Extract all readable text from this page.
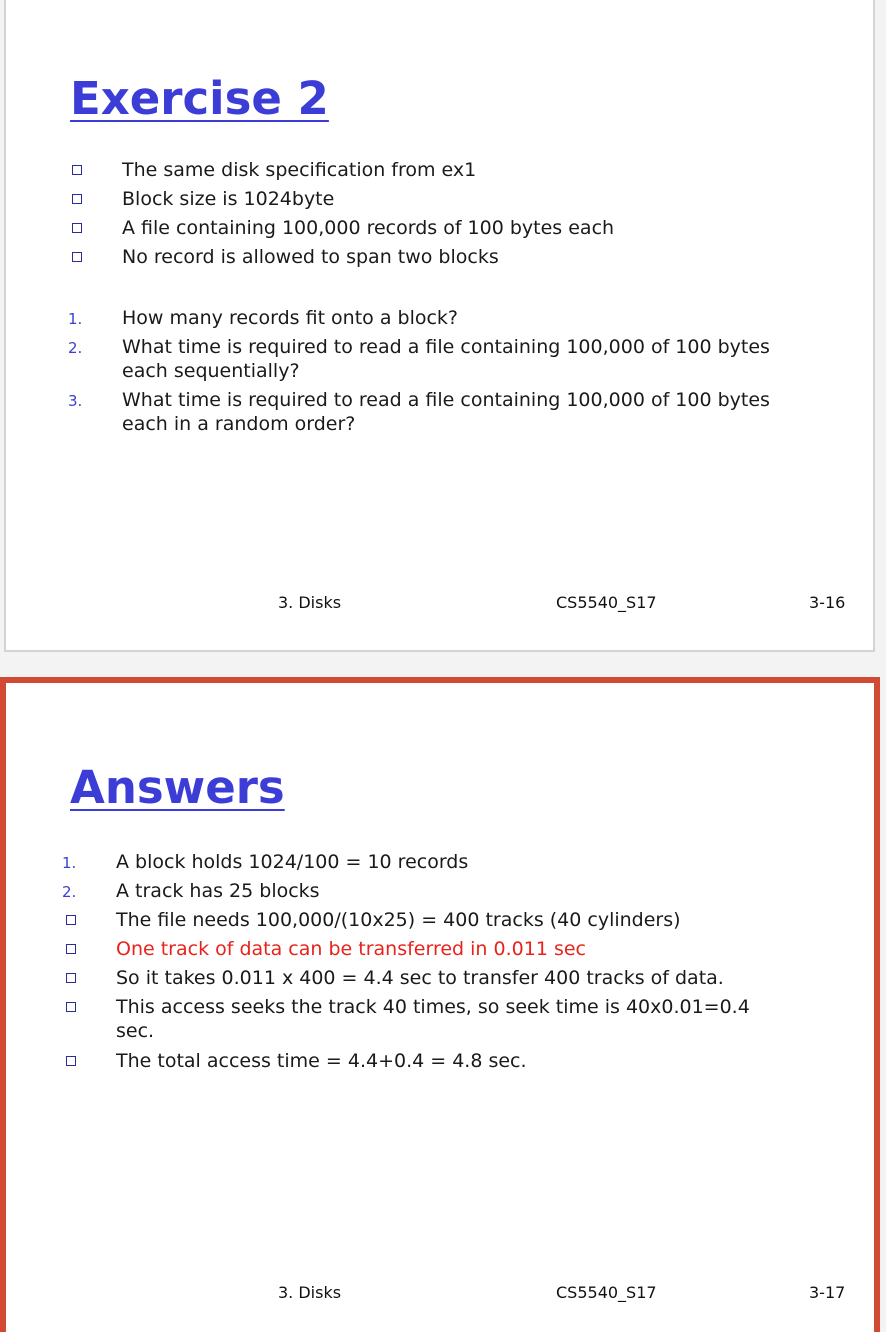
Exercise 2
The same disk specification from ex1
Block size is 1024byte
A file containing 100,000 records of 100 bytes each
No record is allowed to span two blocks
1. How many records fit onto a block?
2. What time is required to read a file containing 100,000 of 100 bytes each sequentially?
3. What time is required to read a file containing 100,000 of 100 bytes each in a random order?
3. Disks	CS5540_S17	3-16
Answers
1. A block holds 1024/100 = 10 records
2. A track has 25 blocks
The file needs 100,000/(10x25) = 400 tracks (40 cylinders)
One track of data can be transferred in 0.011 sec
So it takes 0.011 x 400 = 4.4 sec to transfer 400 tracks of data.
This access seeks the track 40 times, so seek time is 40x0.01=0.4 sec.
The total access time = 4.4+0.4 = 4.8 sec.
3. Disks	CS5540_S17	3-17
